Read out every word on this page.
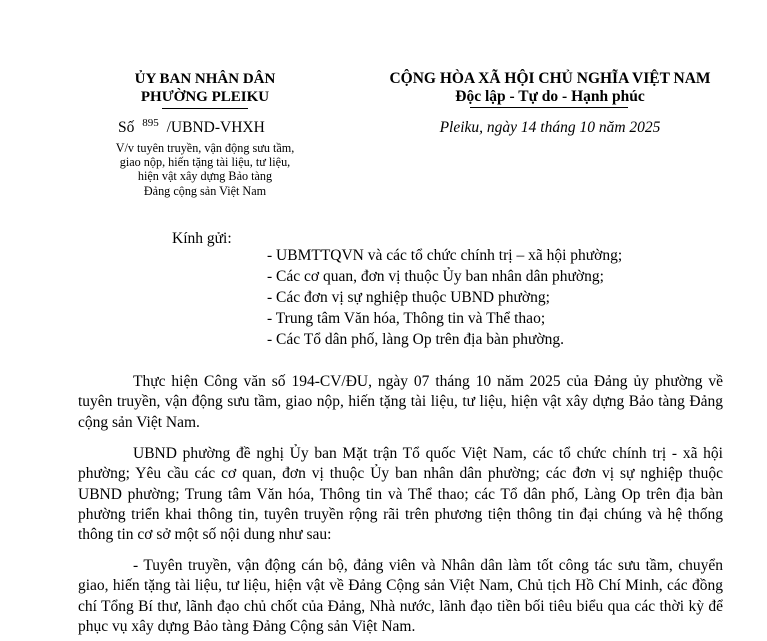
ỦY BAN NHÂN DÂN
PHƯỜNG PLEIKU
CỘNG HÒA XÃ HỘI CHỦ NGHĨA VIỆT NAM
Độc lập - Tự do - Hạnh phúc
Số $^{895}$ /UBND-VHXH
V/v tuyên truyền, vận động sưu tầm,
giao nộp, hiến tặng tài liệu, tư liệu,
hiện vật xây dựng Bảo tàng
Đảng cộng sản Việt Nam
Pleiku, ngày 14 tháng 10 năm 2025
Kính gửi:
- UBMTTQVN và các tổ chức chính trị – xã hội phường;
- Các cơ quan, đơn vị thuộc Ủy ban nhân dân phường;
- Các đơn vị sự nghiệp thuộc UBND phường;
- Trung tâm Văn hóa, Thông tin và Thể thao;
- Các Tổ dân phố, làng Op trên địa bàn phường.

Thực hiện Công văn số 194-CV/ĐU, ngày 07 tháng 10 năm 2025 của Đảng ủy phường về tuyên truyền, vận động sưu tầm, giao nộp, hiến tặng tài liệu, tư liệu, hiện vật xây dựng Bảo tàng Đảng cộng sản Việt Nam.

UBND phường đề nghị Ủy ban Mặt trận Tổ quốc Việt Nam, các tổ chức chính trị - xã hội phường; Yêu cầu các cơ quan, đơn vị thuộc Ủy ban nhân dân phường; các đơn vị sự nghiệp thuộc UBND phường; Trung tâm Văn hóa, Thông tin và Thể thao; các Tổ dân phố, Làng Op trên địa bàn phường triển khai thông tin, tuyên truyền rộng rãi trên phương tiện thông tin đại chúng và hệ thống thông tin cơ sở một số nội dung như sau:

- Tuyên truyền, vận động cán bộ, đảng viên và Nhân dân làm tốt công tác sưu tầm, chuyển giao, hiến tặng tài liệu, tư liệu, hiện vật về Đảng Cộng sản Việt Nam, Chủ tịch Hồ Chí Minh, các đồng chí Tổng Bí thư, lãnh đạo chủ chốt của Đảng, Nhà nước, lãnh đạo tiền bối tiêu biểu qua các thời kỳ để phục vụ xây dựng Bảo tàng Đảng Cộng sản Việt Nam.
